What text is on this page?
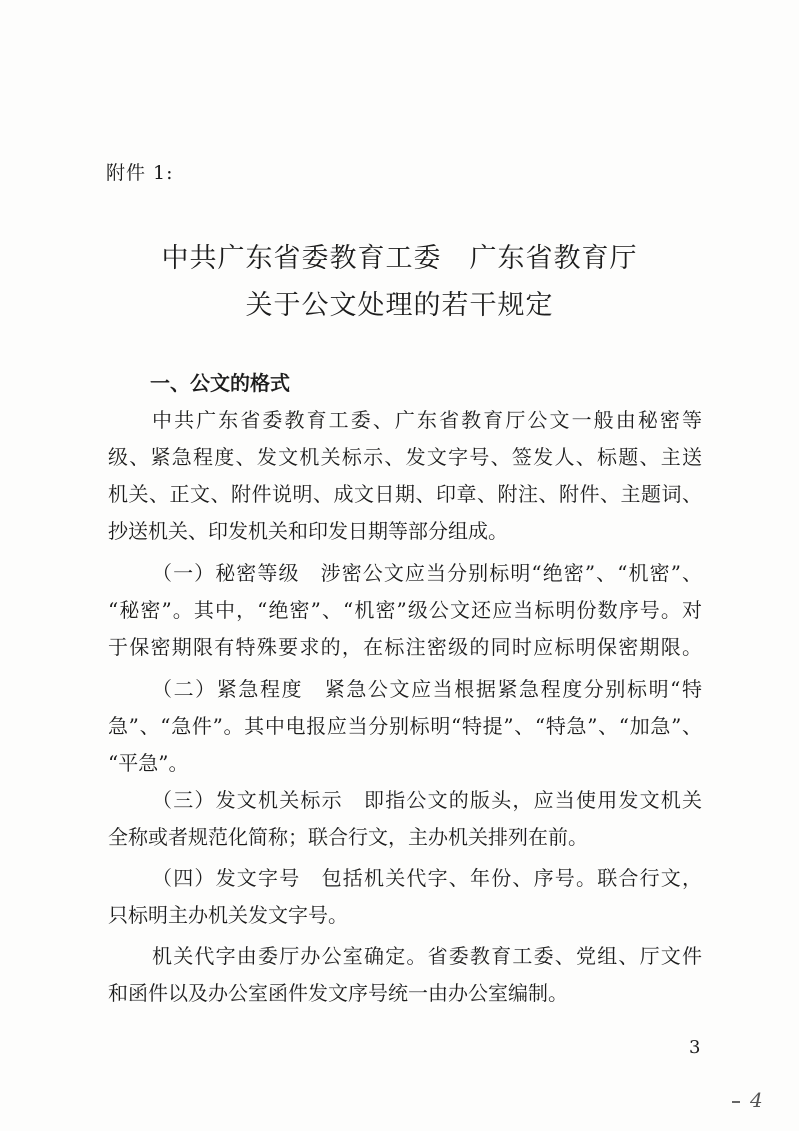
附件 1:
中共广东省委教育工委　广东省教育厅
关于公文处理的若干规定
一、公文的格式
中共广东省委教育工委、广东省教育厅公文一般由秘密等
级、紧急程度、发文机关标示、发文字号、签发人、标题、主送
机关、正文、附件说明、成文日期、印章、附注、附件、主题词、
抄送机关、印发机关和印发日期等部分组成。
（一）秘密等级　涉密公文应当分别标明“绝密”、“机密”、
“秘密”。其中，“绝密”、“机密”级公文还应当标明份数序号。对
于保密期限有特殊要求的，在标注密级的同时应标明保密期限。
（二）紧急程度　紧急公文应当根据紧急程度分别标明“特
急”、“急件”。其中电报应当分别标明“特提”、“特急”、“加急”、
“平急”。
（三）发文机关标示　即指公文的版头，应当使用发文机关
全称或者规范化简称；联合行文，主办机关排列在前。
（四）发文字号　包括机关代字、年份、序号。联合行文，
只标明主办机关发文字号。
机关代字由委厅办公室确定。省委教育工委、党组、厅文件
和函件以及办公室函件发文序号统一由办公室编制。
3
4
